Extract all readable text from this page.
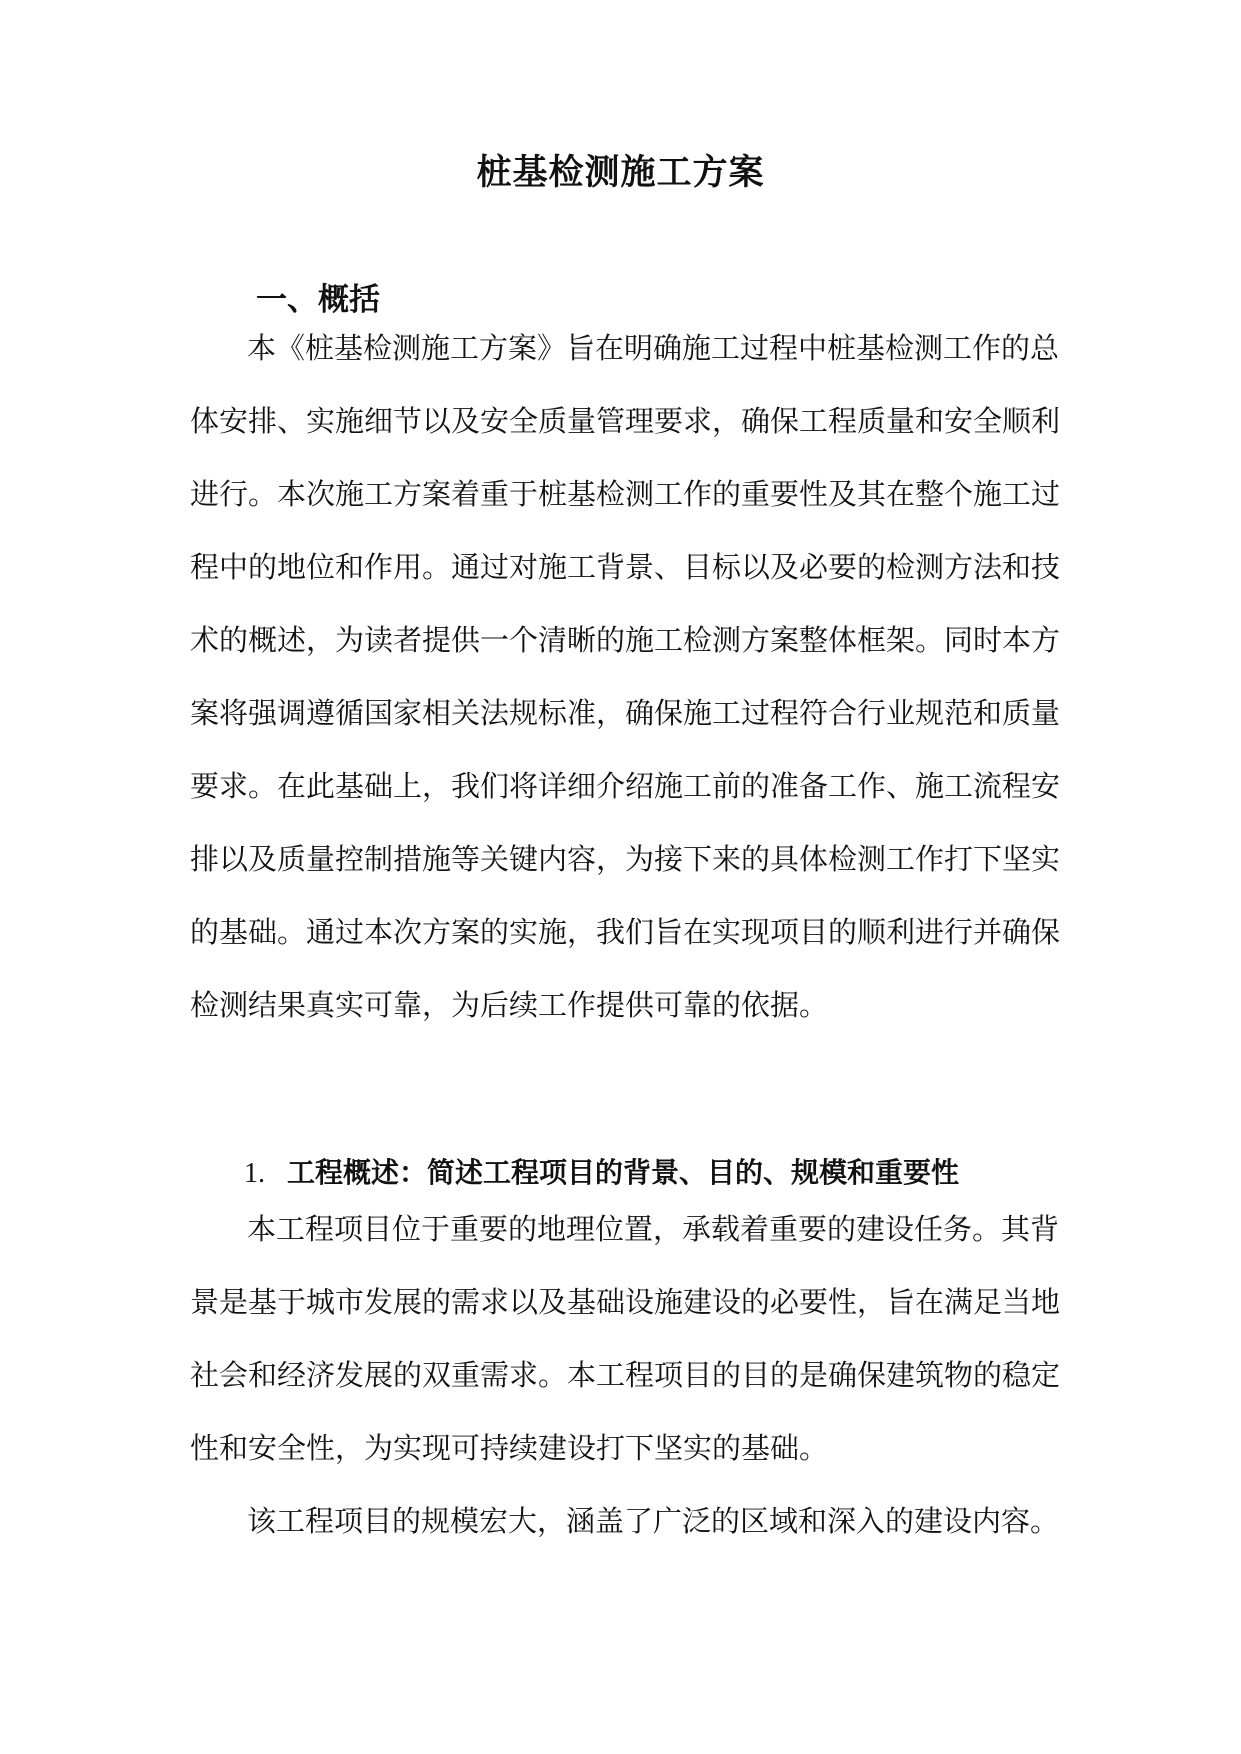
桩基检测施工方案
一、概括
本《桩基检测施工方案》旨在明确施工过程中桩基检测工作的总
体安排、实施细节以及安全质量管理要求，确保工程质量和安全顺利
进行。本次施工方案着重于桩基检测工作的重要性及其在整个施工过
程中的地位和作用。通过对施工背景、目标以及必要的检测方法和技
术的概述，为读者提供一个清晰的施工检测方案整体框架。同时本方
案将强调遵循国家相关法规标准，确保施工过程符合行业规范和质量
要求。在此基础上，我们将详细介绍施工前的准备工作、施工流程安
排以及质量控制措施等关键内容，为接下来的具体检测工作打下坚实
的基础。通过本次方案的实施，我们旨在实现项目的顺利进行并确保
检测结果真实可靠，为后续工作提供可靠的依据。
1. 工程概述：简述工程项目的背景、目的、规模和重要性
本工程项目位于重要的地理位置，承载着重要的建设任务。其背
景是基于城市发展的需求以及基础设施建设的必要性，旨在满足当地
社会和经济发展的双重需求。本工程项目的目的是确保建筑物的稳定
性和安全性，为实现可持续建设打下坚实的基础。
该工程项目的规模宏大，涵盖了广泛的区域和深入的建设内容。
